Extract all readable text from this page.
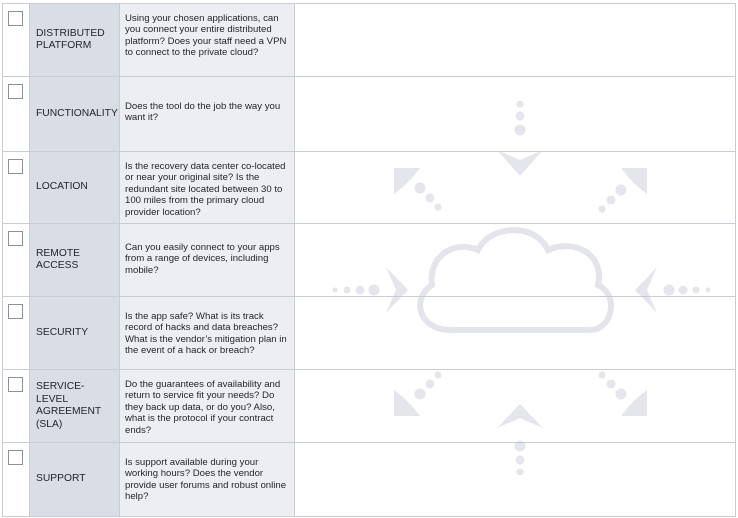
	DISTRIBUTED PLATFORM	Using your chosen applications, can you connect your entire distributed platform? Does your staff need a VPN to connect to the private cloud?	

	FUNCTIONALITY	Does the tool do the job the way you want it?	

	LOCATION	Is the recovery data center co-located or near your original site? Is the redundant site located between 30 to 100 miles from the primary cloud provider location?	

	REMOTE ACCESS	Can you easily connect to your apps from a range of devices, including mobile?	

	SECURITY	Is the app safe? What is its track record of hacks and data breaches? What is the vendor’s mitigation plan in the event of a hack or breach?	

	SERVICE-LEVEL AGREEMENT (SLA)	Do the guarantees of availability and return to service fit your needs? Do they back up data, or do you? Also, what is the protocol if your contract ends?	

	SUPPORT	Is support available during your working hours? Does the vendor provide user forums and robust online help?	
